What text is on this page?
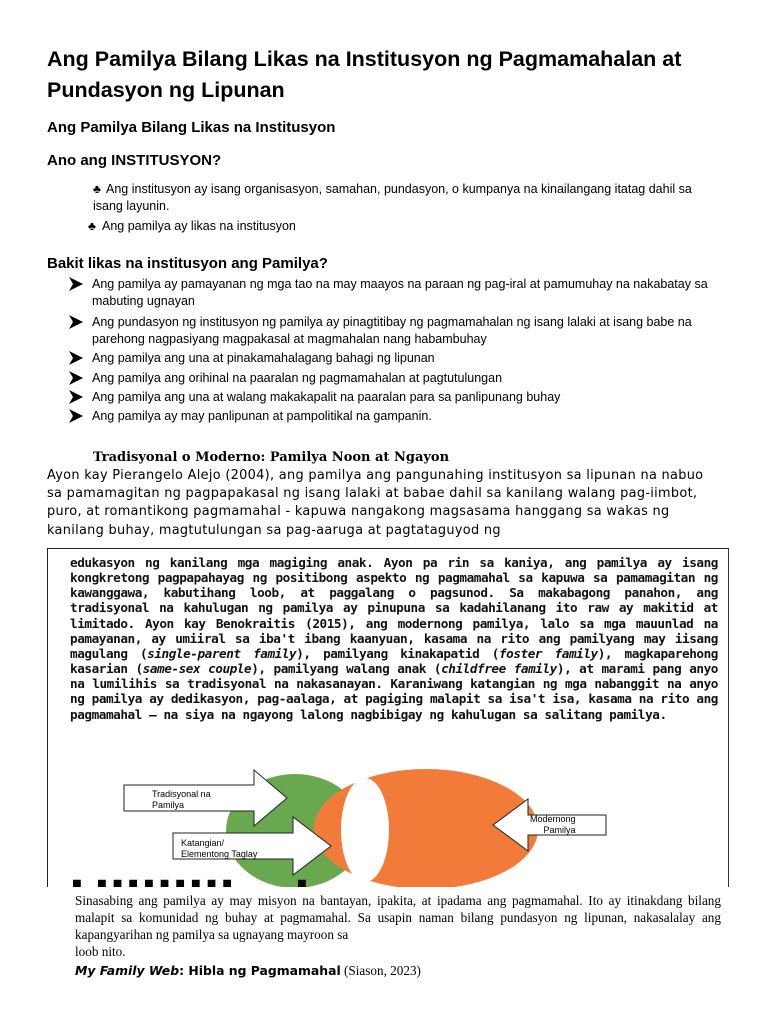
Ang Pamilya Bilang Likas na Institusyon ng Pagmamahalan at Pundasyon ng Lipunan
Ang Pamilya Bilang Likas na Institusyon
Ano ang INSTITUSYON?
♣ Ang institusyon ay isang organisasyon, samahan, pundasyon, o kumpanya na kinailangang itatag dahil sa isang layunin.
♣ Ang pamilya ay likas na institusyon
Bakit likas na institusyon ang Pamilya?
Ang pamilya ay pamayanan ng mga tao na may maayos na paraan ng pag-iral at pamumuhay na nakabatay sa mabuting ugnayan
Ang pundasyon ng institusyon ng pamilya ay pinagtitibay ng pagmamahalan ng isang lalaki at isang babe na parehong nagpasiyang magpakasal at magmahalan nang habambuhay
Ang pamilya ang una at pinakamahalagang bahagi ng lipunan
Ang pamilya ang orihinal na paaralan ng pagmamahalan at pagtutulungan
Ang pamilya ang una at walang makakapalit na paaralan para sa panlipunang buhay
Ang pamilya ay may panlipunan at pampolitikal na gampanin.
Tradisyonal o Moderno: Pamilya Noon at Ngayon
Ayon kay Pierangelo Alejo (2004), ang pamilya ang pangunahing institusyon sa lipunan na nabuo sa pamamagitan ng pagpapakasal ng isang lalaki at babae dahil sa kanilang walang pag-iimbot, puro, at romantikong pagmamahal - kapuwa nangakong magsasama hanggang sa wakas ng kanilang buhay, magtutulungan sa pag-aaruga at pagtataguyod ng
edukasyon ng kanilang mga magiging anak. Ayon pa rin sa kaniya, ang pamilya ay isang kongkretong pagpapahayag ng positibong aspekto ng pagmamahal sa kapuwa sa pamamagitan ng kawanggawa, kabutihang loob, at paggalang o pagsunod. Sa makabagong panahon, ang tradisyonal na kahulugan ng pamilya ay pinupuna sa kadahilanang ito raw ay makitid at limitado. Ayon kay Benokraitis (2015), ang modernong pamilya, lalo sa mga mauunlad na pamayanan, ay umiiral sa iba't ibang kaanyuan, kasama na rito ang pamilyang may iisang magulang (single-parent family), pamilyang kinakapatid (foster family), magkaparehong kasarian (same-sex couple), pamilyang walang anak (childfree family), at marami pang anyo na lumilihis sa tradisyonal na nakasanayan. Karaniwang katangian ng mga nabanggit na anyo ng pamilya ay dedikasyon, pag-aalaga, at pagiging malapit sa isa't isa, kasama na rito ang pagmamahal – na siya na ngayong lalong nagbibigay ng kahulugan sa salitang pamilya.
Tradisyonal na
Pamilya
Modernong
Pamilya
Katangian/
Elementong Taglay
■ ■ ■ ■ ■ ■ ■ ■ ■ ■	■
Sinasabing ang pamilya ay may misyon na bantayan, ipakita, at ipadama ang pagmamahal. Ito ay itinakdang bilang malapit sa komunidad ng buhay at pagmamahal. Sa usapin naman bilang pundasyon ng lipunan, nakasalalay ang kapangyarihan ng pamilya sa ugnayang mayroon sa
loob nito.
My Family Web: Hibla ng Pagmamahal (Siason, 2023)
